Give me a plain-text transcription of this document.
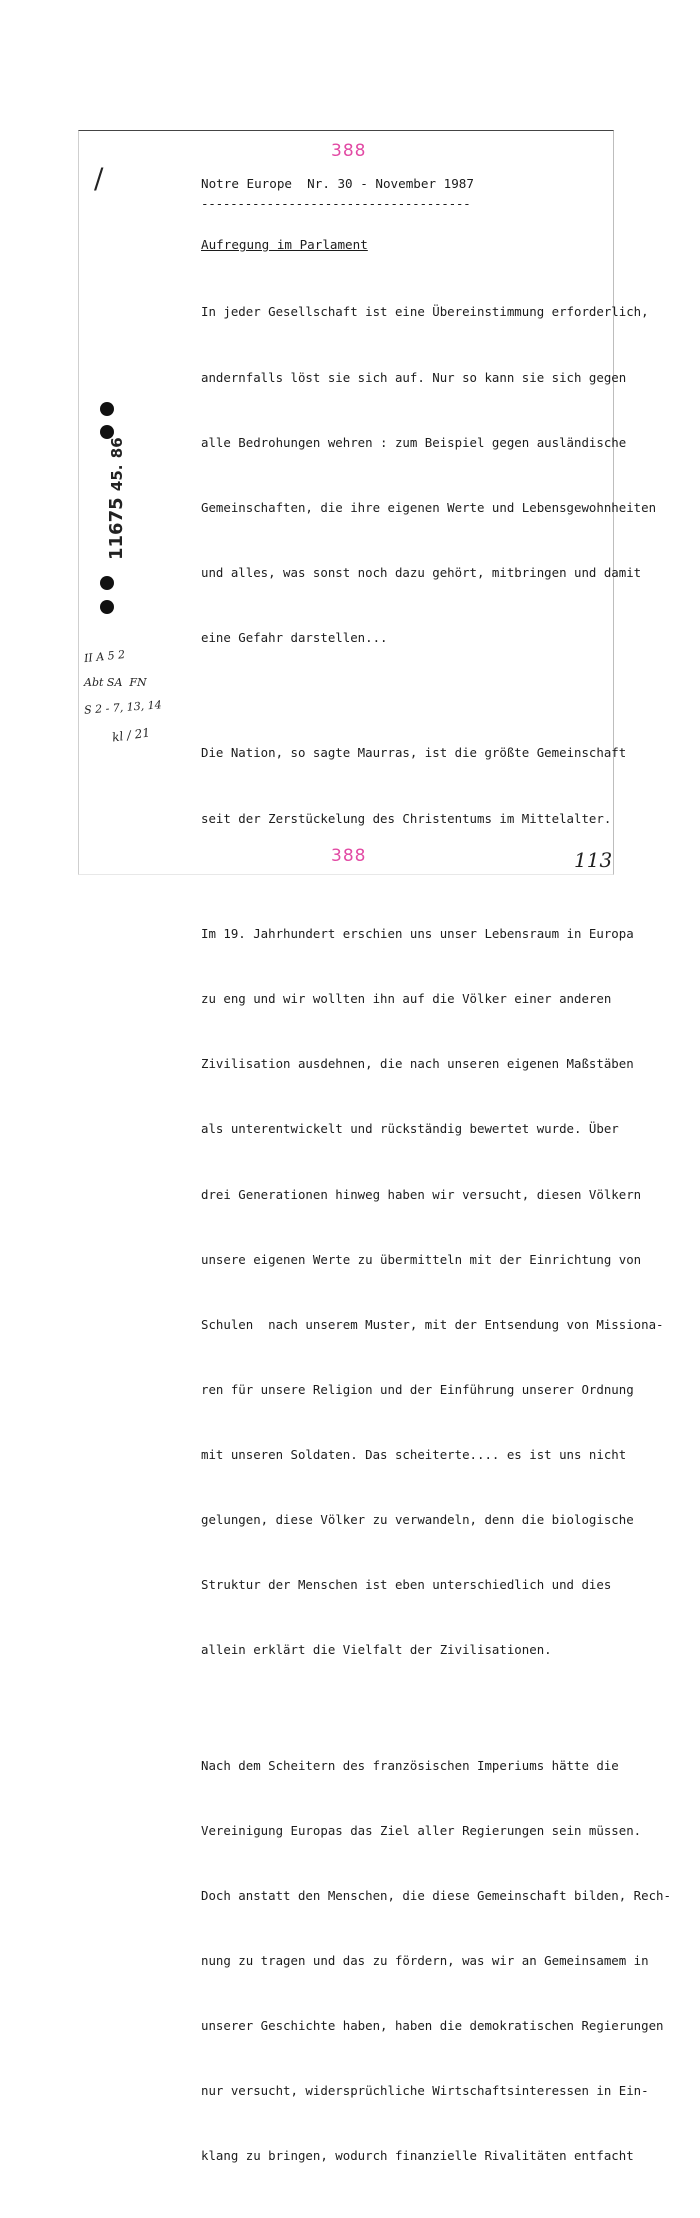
388
/	Notre Europe  Nr. 30 - November 1987
-------------------------------------
Aufregung im Parlament

In jeder Gesellschaft ist eine Übereinstimmung erforderlich,

andernfalls löst sie sich auf. Nur so kann sie sich gegen

alle Bedrohungen wehren : zum Beispiel gegen ausländische

Gemeinschaften, die ihre eigenen Werte und Lebensgewohnheiten

und alles, was sonst noch dazu gehört, mitbringen und damit

eine Gefahr darstellen...

Die Nation, so sagte Maurras, ist die größte Gemeinschaft

seit der Zerstückelung des Christentums im Mittelalter.

Im 19. Jahrhundert erschien uns unser Lebensraum in Europa

zu eng und wir wollten ihn auf die Völker einer anderen

Zivilisation ausdehnen, die nach unseren eigenen Maßstäben

als unterentwickelt und rückständig bewertet wurde. Über

drei Generationen hinweg haben wir versucht, diesen Völkern

unsere eigenen Werte zu übermitteln mit der Einrichtung von

Schulen  nach unserem Muster, mit der Entsendung von Missiona-

ren für unsere Religion und der Einführung unserer Ordnung

mit unseren Soldaten. Das scheiterte.... es ist uns nicht

gelungen, diese Völker zu verwandeln, denn die biologische

Struktur der Menschen ist eben unterschiedlich und dies

allein erklärt die Vielfalt der Zivilisationen.

Nach dem Scheitern des französischen Imperiums hätte die

Vereinigung Europas das Ziel aller Regierungen sein müssen.

Doch anstatt den Menschen, die diese Gemeinschaft bilden, Rech-

nung zu tragen und das zu fördern, was wir an Gemeinsamem in

unserer Geschichte haben, haben die demokratischen Regierungen

nur versucht, widersprüchliche Wirtschaftsinteressen in Ein-

klang zu bringen, wodurch finanzielle Rivalitäten entfacht

11675 45. 86
II A 5 2
Abt SA  FN
S 2 - 7, 13, 14
kl / 21
388	113
